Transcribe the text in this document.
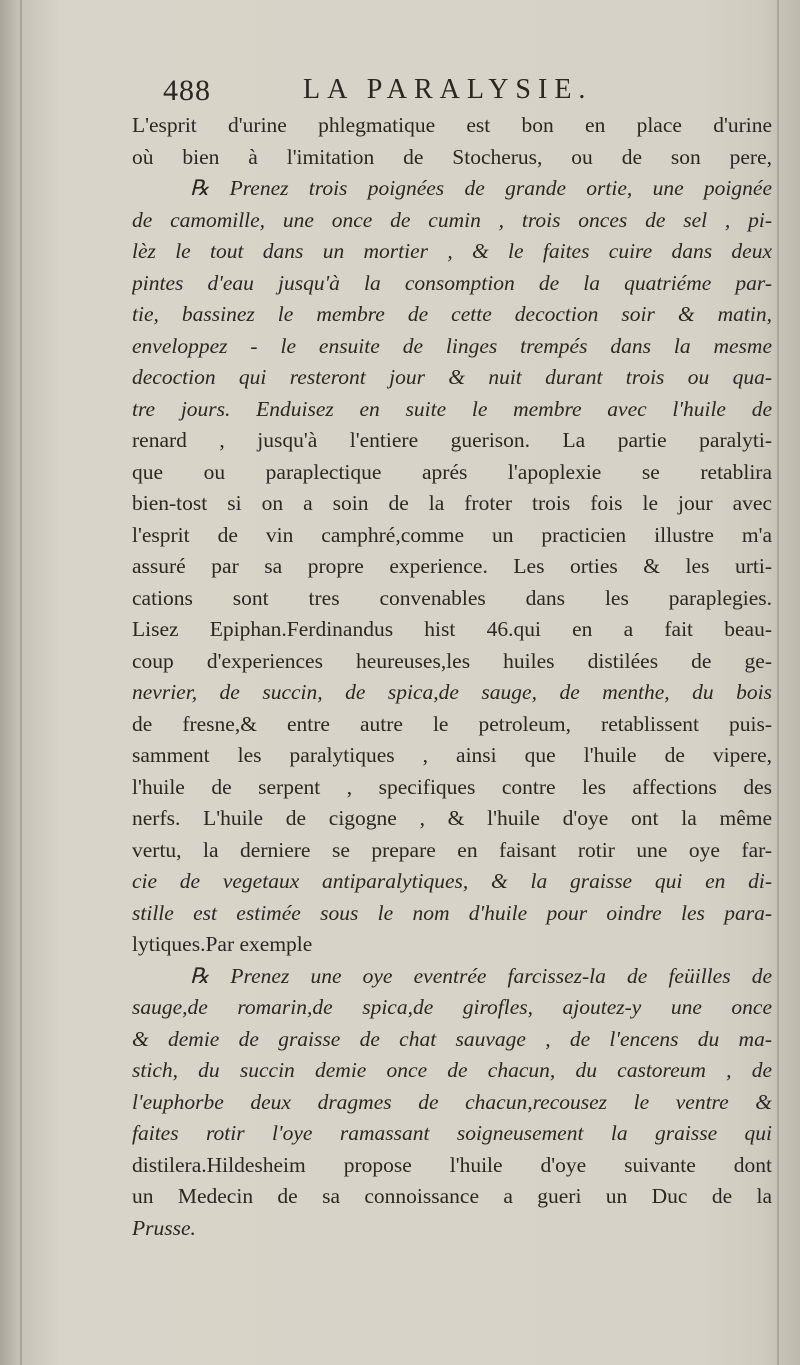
488	LA PARALYSIE.
L'esprit d'urine phlegmatique est bon en place d'urine
où bien à l'imitation de Stocherus, ou de son pere,
℞ Prenez trois poignées de grande ortie, une poignée
de camomille, une once de cumin , trois onces de sel , pi-
lèz le tout dans un mortier , & le faites cuire dans deux
pintes d'eau jusqu'à la consomption de la quatriéme par-
tie, bassinez le membre de cette decoction soir & matin,
enveloppez - le ensuite de linges trempés dans la mesme
decoction qui resteront jour & nuit durant trois ou qua-
tre jours. Enduisez en suite le membre avec l'huile de
renard , jusqu'à l'entiere guerison. La partie paralyti-
que ou paraplectique aprés l'apoplexie se retablira
bien-tost si on a soin de la froter trois fois le jour avec
l'esprit de vin camphré,comme un practicien illustre m'a
assuré par sa propre experience. Les orties & les urti-
cations sont tres convenables dans les paraplegies.
Lisez Epiphan.Ferdinandus hist 46.qui en a fait beau-
coup d'experiences heureuses,les huiles distilées de ge-
nevrier, de succin, de spica,de sauge, de menthe, du bois
de fresne,& entre autre le petroleum, retablissent puis-
samment les paralytiques , ainsi que l'huile de vipere,
l'huile de serpent , specifiques contre les affections des
nerfs. L'huile de cigogne , & l'huile d'oye ont la même
vertu, la derniere se prepare en faisant rotir une oye far-
cie de vegetaux antiparalytiques, & la graisse qui en di-
stille est estimée sous le nom d'huile pour oindre les para-
lytiques.Par exemple
℞ Prenez une oye eventrée farcissez-la de feüilles de
sauge,de romarin,de spica,de girofles, ajoutez-y une once
& demie de graisse de chat sauvage , de l'encens du ma-
stich, du succin demie once de chacun, du castoreum , de
l'euphorbe deux dragmes de chacun,recousez le ventre &
faites rotir l'oye ramassant soigneusement la graisse qui
distilera.Hildesheim propose l'huile d'oye suivante dont
un Medecin de sa connoissance a gueri un Duc de la
Prusse.
